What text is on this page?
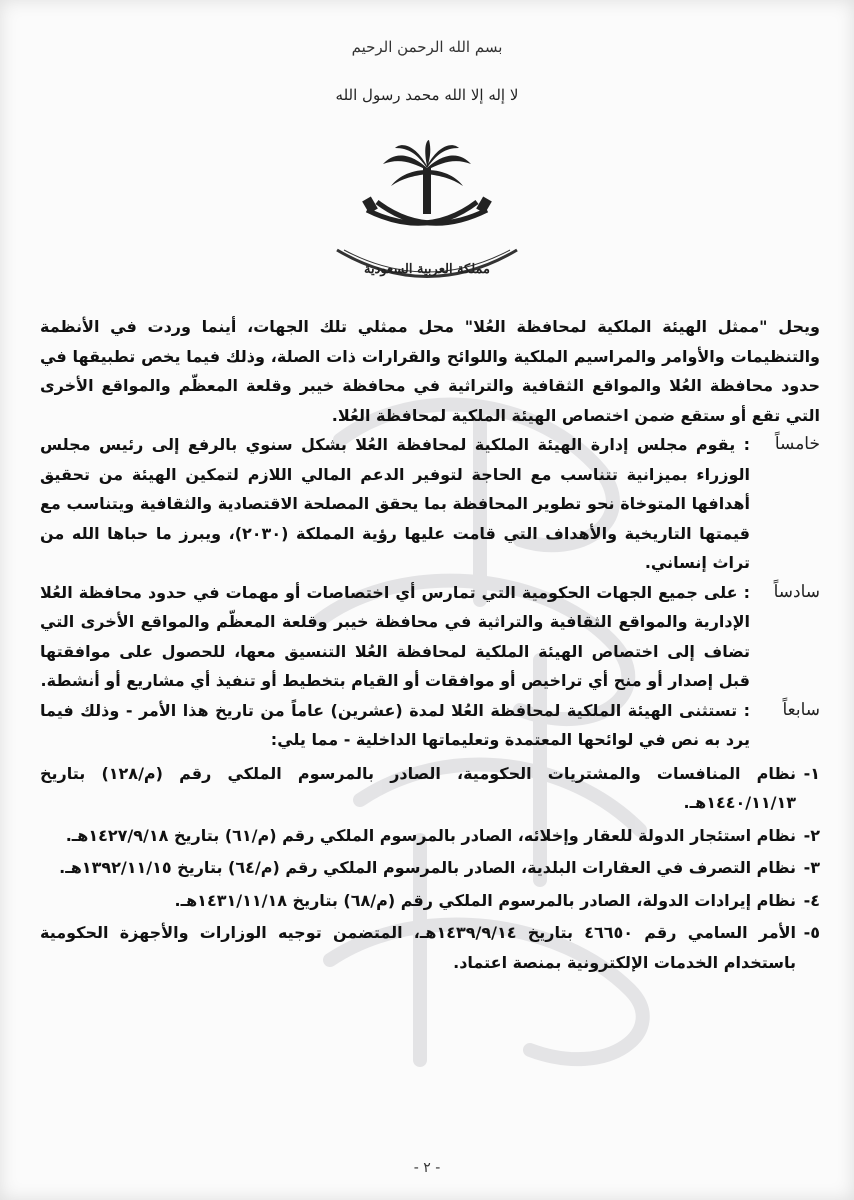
بسم الله الرحمن الرحيم
لا إله إلا الله محمد رسول الله
مملكة العربية السعودية

ويحل "ممثل الهيئة الملكية لمحافظة العُلا" محل ممثلي تلك الجهات، أينما وردت في الأنظمة والتنظيمات والأوامر والمراسيم الملكية واللوائح والقرارات ذات الصلة، وذلك فيما يخص تطبيقها في حدود محافظة العُلا والمواقع الثقافية والتراثية في محافظة خيبر وقلعة المعظّم والمواقع الأخرى التي تقع أو ستقع ضمن اختصاص الهيئة الملكية لمحافظة العُلا.

خامساً
: يقوم مجلس إدارة الهيئة الملكية لمحافظة العُلا بشكل سنوي بالرفع إلى رئيس مجلس الوزراء بميزانية تتناسب مع الحاجة لتوفير الدعم المالي اللازم لتمكين الهيئة من تحقيق أهدافها المتوخاة نحو تطوير المحافظة بما يحقق المصلحة الاقتصادية والثقافية ويتناسب مع قيمتها التاريخية والأهداف التي قامت عليها رؤية المملكة (٢٠٣٠)، ويبرز ما حباها الله من تراث إنساني.

سادساً
: على جميع الجهات الحكومية التي تمارس أي اختصاصات أو مهمات في حدود محافظة العُلا الإدارية والمواقع الثقافية والتراثية في محافظة خيبر وقلعة المعظّم والمواقع الأخرى التي تضاف إلى اختصاص الهيئة الملكية لمحافظة العُلا التنسيق معها، للحصول على موافقتها قبل إصدار أو منح أي تراخيص أو موافقات أو القيام بتخطيط أو تنفيذ أي مشاريع أو أنشطة.

سابعاً
: تستثنى الهيئة الملكية لمحافظة العُلا لمدة (عشرين) عاماً من تاريخ هذا الأمر - وذلك فيما يرد به نص في لوائحها المعتمدة وتعليماتها الداخلية - مما يلي:

١-
نظام المنافسات والمشتريات الحكومية، الصادر بالمرسوم الملكي رقم (م/١٢٨) بتاريخ ١٤٤٠/١١/١٣هـ.

٢-
نظام استئجار الدولة للعقار وإخلائه، الصادر بالمرسوم الملكي رقم (م/٦١) بتاريخ ١٤٢٧/٩/١٨هـ.

٣-
نظام التصرف في العقارات البلدية، الصادر بالمرسوم الملكي رقم (م/٦٤) بتاريخ ١٣٩٢/١١/١٥هـ.

٤-
نظام إيرادات الدولة، الصادر بالمرسوم الملكي رقم (م/٦٨) بتاريخ ١٤٣١/١١/١٨هـ.

٥-
الأمر السامي رقم ٤٦٦٥٠ بتاريخ ١٤٣٩/٩/١٤هـ، المتضمن توجيه الوزارات والأجهزة الحكومية باستخدام الخدمات الإلكترونية بمنصة اعتماد.

- ٢ -
